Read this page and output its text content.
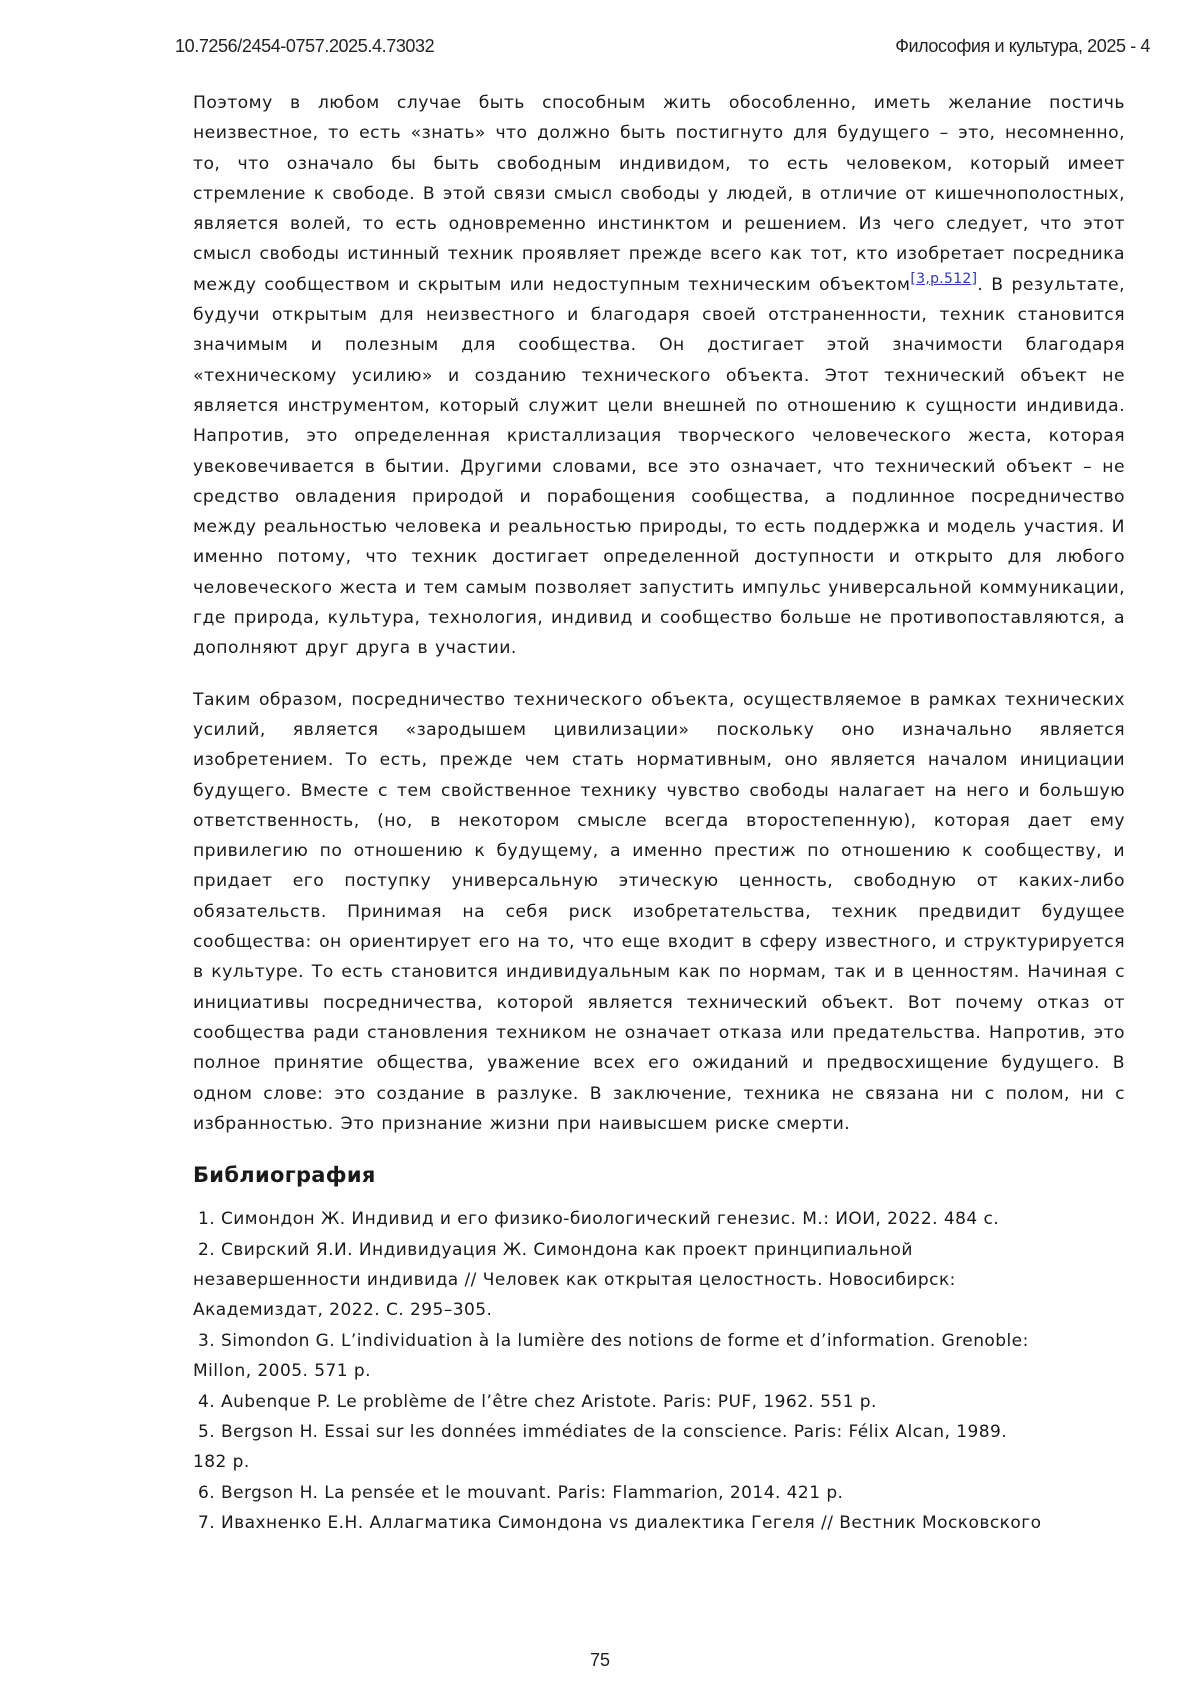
10.7256/2454-0757.2025.4.73032	Философия и культура, 2025 - 4

Поэтому в любом случае быть способным жить обособленно, иметь желание постичь неизвестное, то есть «знать» что должно быть постигнуто для будущего – это, несомненно, то, что означало бы быть свободным индивидом, то есть человеком, который имеет стремление к свободе. В этой связи смысл свободы у людей, в отличие от кишечнополостных, является волей, то есть одновременно инстинктом и решением. Из чего следует, что этот смысл свободы истинный техник проявляет прежде всего как тот, кто изобретает посредника между сообществом и скрытым или недоступным техническим объектом[3,p.512]. В результате, будучи открытым для неизвестного и благодаря своей отстраненности, техник становится значимым и полезным для сообщества. Он достигает этой значимости благодаря «техническому усилию» и созданию технического объекта. Этот технический объект не является инструментом, который служит цели внешней по отношению к сущности индивида. Напротив, это определенная кристаллизация творческого человеческого жеста, которая увековечивается в бытии. Другими словами, все это означает, что технический объект – не средство овладения природой и порабощения сообщества, а подлинное посредничество между реальностью человека и реальностью природы, то есть поддержка и модель участия. И именно потому, что техник достигает определенной доступности и открыто для любого человеческого жеста и тем самым позволяет запустить импульс универсальной коммуникации, где природа, культура, технология, индивид и сообщество больше не противопоставляются, а дополняют друг друга в участии.

Таким образом, посредничество технического объекта, осуществляемое в рамках технических усилий, является «зародышем цивилизации» поскольку оно изначально является изобретением. То есть, прежде чем стать нормативным, оно является началом инициации будущего. Вместе с тем свойственное технику чувство свободы налагает на него и большую ответственность, (но, в некотором смысле всегда второстепенную), которая дает ему привилегию по отношению к будущему, а именно престиж по отношению к сообществу, и придает его поступку универсальную этическую ценность, свободную от каких-либо обязательств. Принимая на себя риск изобретательства, техник предвидит будущее сообщества: он ориентирует его на то, что еще входит в сферу известного, и структурируется в культуре. То есть становится индивидуальным как по нормам, так и в ценностям. Начиная с инициативы посредничества, которой является технический объект. Вот почему отказ от сообщества ради становления техником не означает отказа или предательства. Напротив, это полное принятие общества, уважение всех его ожиданий и предвосхищение будущего. В одном слове: это создание в разлуке. В заключение, техника не связана ни с полом, ни с избранностью. Это признание жизни при наивысшем риске смерти.

Библиография
1. Симондон Ж. Индивид и его физико-биологический генезис. М.: ИОИ, 2022. 484 с.
2. Свирский Я.И. Индивидуация Ж. Симондона как проект принципиальной
незавершенности индивида // Человек как открытая целостность. Новосибирск:
Академиздат, 2022. С. 295–305.
3. Simondon G. L’individuation à la lumière des notions de forme et d’information. Grenoble:
Millon, 2005. 571 p.
4. Aubenque P. Le problème de l’être chez Aristote. Paris: PUF, 1962. 551 p.
5. Bergson H. Essai sur les données immédiates de la conscience. Paris: Félix Alcan, 1989.
182 p.
6. Bergson H. La pensée et le mouvant. Paris: Flammarion, 2014. 421 p.
7. Ивахненко Е.Н. Аллагматика Симондона vs диалектика Гегеля // Вестник Московского
75
